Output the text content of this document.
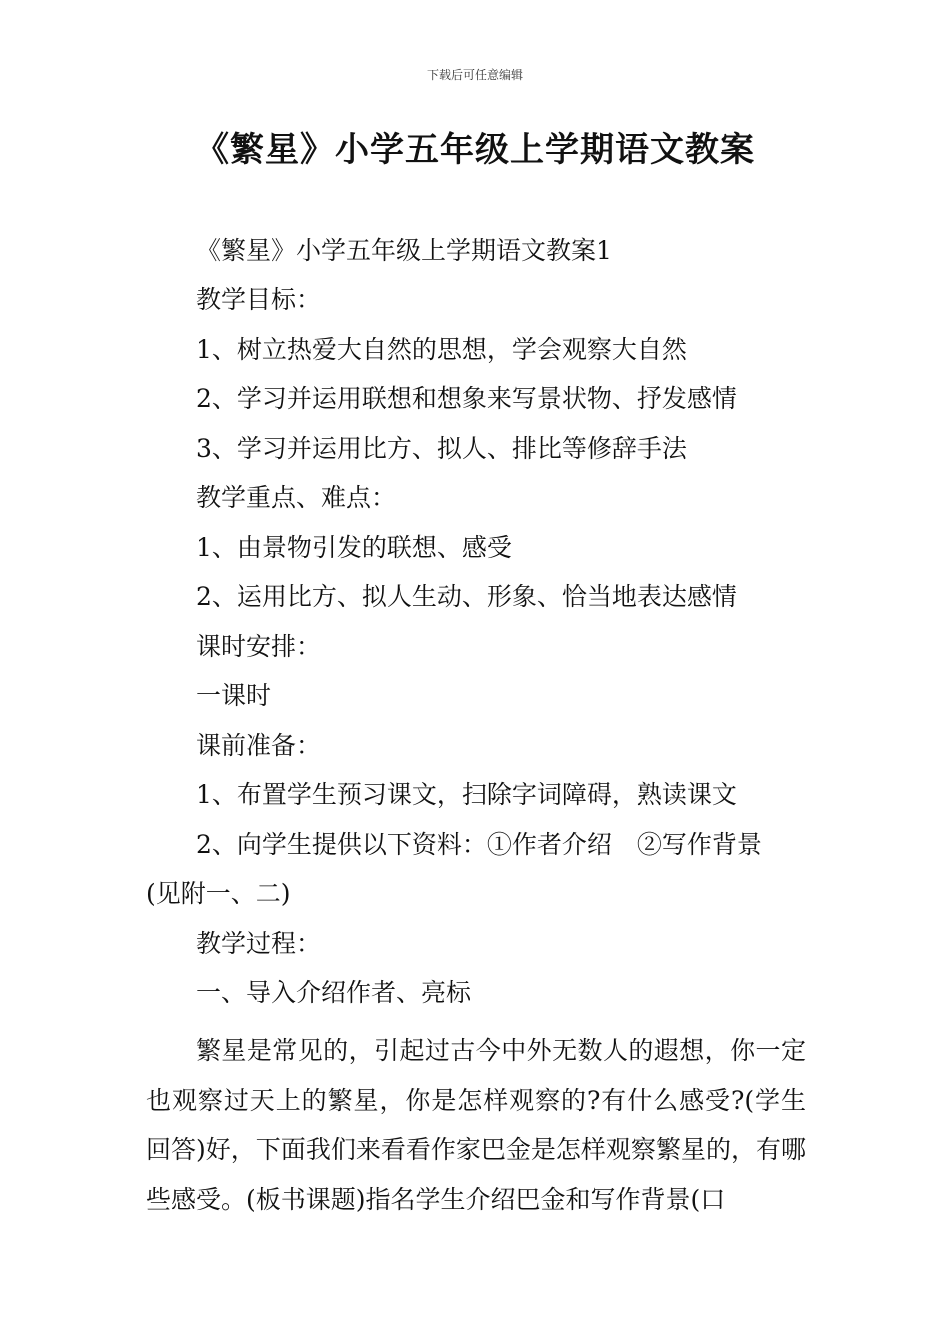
下载后可任意编辑
《繁星》小学五年级上学期语文教案
《繁星》小学五年级上学期语文教案1
教学目标：
1、树立热爱大自然的思想，学会观察大自然
2、学习并运用联想和想象来写景状物、抒发感情
3、学习并运用比方、拟人、排比等修辞手法
教学重点、难点：
1、由景物引发的联想、感受
2、运用比方、拟人生动、形象、恰当地表达感情
课时安排：
一课时
课前准备：
1、布置学生预习课文，扫除字词障碍，熟读课文
2、向学生提供以下资料：①作者介绍　②写作背景
(见附一、二)
教学过程：
一、导入介绍作者、亮标

繁星是常见的，引起过古今中外无数人的遐想，你一定也观察过天上的繁星，你是怎样观察的?有什么感受?(学生回答)好，下面我们来看看作家巴金是怎样观察繁星的，有哪些感受。(板书课题)指名学生介绍巴金和写作背景(口
